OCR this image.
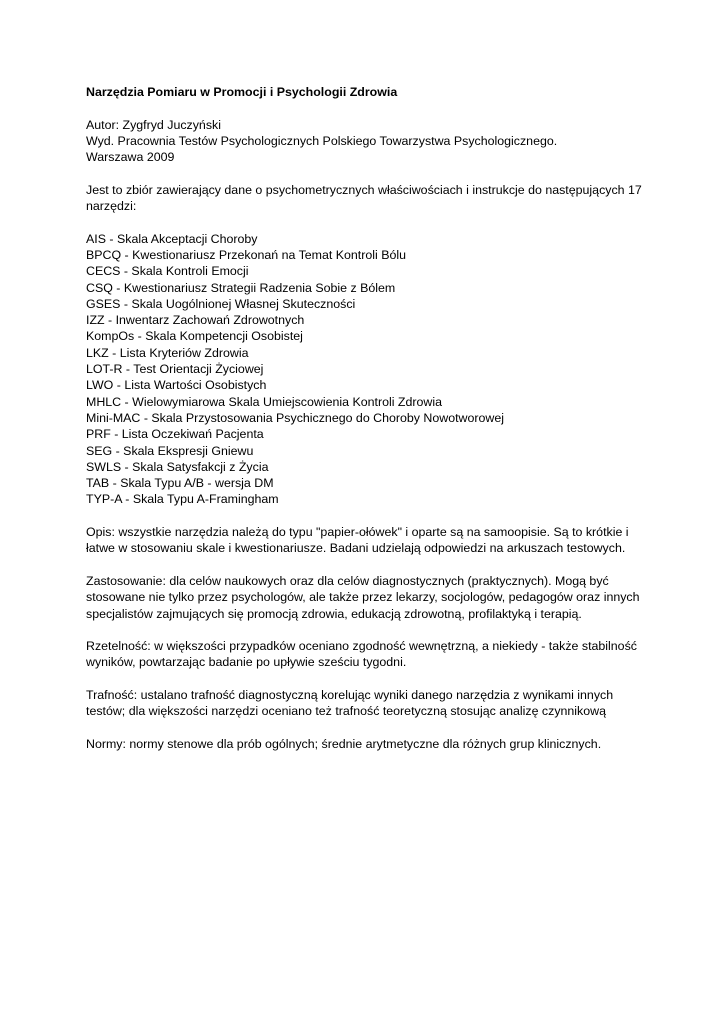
Narzędzia Pomiaru w Promocji i Psychologii Zdrowia

Autor: Zygfryd Juczyński
Wyd. Pracownia Testów Psychologicznych Polskiego Towarzystwa Psychologicznego.
Warszawa 2009
Jest to zbiór zawierający dane o psychometrycznych właściwościach i instrukcje do następujących 17
narzędzi:
AIS - Skala Akceptacji Choroby
BPCQ - Kwestionariusz Przekonań na Temat Kontroli Bólu
CECS - Skala Kontroli Emocji
CSQ - Kwestionariusz Strategii Radzenia Sobie z Bólem
GSES - Skala Uogólnionej Własnej Skuteczności
IZZ - Inwentarz Zachowań Zdrowotnych
KompOs - Skala Kompetencji Osobistej
LKZ - Lista Kryteriów Zdrowia
LOT-R - Test Orientacji Życiowej
LWO - Lista Wartości Osobistych
MHLC - Wielowymiarowa Skala Umiejscowienia Kontroli Zdrowia
Mini-MAC - Skala Przystosowania Psychicznego do Choroby Nowotworowej
PRF - Lista Oczekiwań Pacjenta
SEG - Skala Ekspresji Gniewu
SWLS - Skala Satysfakcji z Życia
TAB - Skala Typu A/B - wersja DM
TYP-A - Skala Typu A-Framingham
Opis: wszystkie narzędzia należą do typu "papier-ołówek" i oparte są na samoopisie. Są to krótkie i
łatwe w stosowaniu skale i kwestionariusze. Badani udzielają odpowiedzi na arkuszach testowych.
Zastosowanie: dla celów naukowych oraz dla celów diagnostycznych (praktycznych). Mogą być
stosowane nie tylko przez psychologów, ale także przez lekarzy, socjologów, pedagogów oraz innych
specjalistów zajmujących się promocją zdrowia, edukacją zdrowotną, profilaktyką i terapią.
Rzetelność: w większości przypadków oceniano zgodność wewnętrzną, a niekiedy - także stabilność
wyników, powtarzając badanie po upływie sześciu tygodni.
Trafność: ustalano trafność diagnostyczną korelując wyniki danego narzędzia z wynikami innych
testów; dla większości narzędzi oceniano też trafność teoretyczną stosując analizę czynnikową
Normy: normy stenowe dla prób ogólnych; średnie arytmetyczne dla różnych grup klinicznych.
